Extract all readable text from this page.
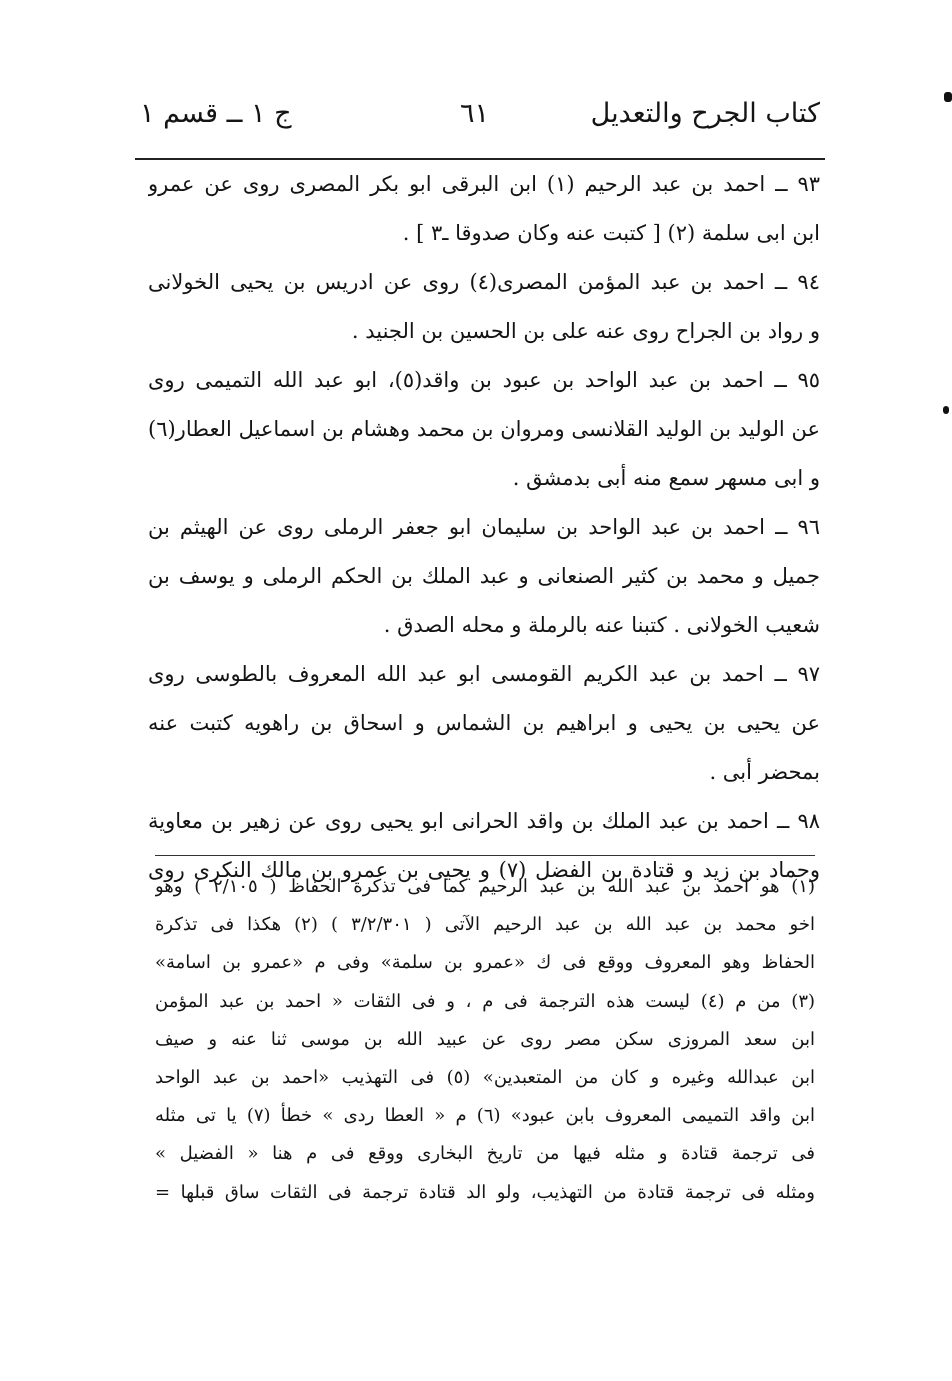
كتاب الجرح والتعديل
٦١
ج ١ ــ قسم ١
٩٣ ــ احمد بن عبد الرحيم (١) ابن البرقى ابو بكر المصرى روى عن عمرو
ابن ابى سلمة (٢) [ كتبت عنه وكان صدوقا ـ٣ ] .
٩٤ ــ احمد بن عبد المؤمن المصرى(٤) روى عن ادريس بن يحيى الخولانى
و رواد بن الجراح روى عنه على بن الحسين بن الجنيد .
٩٥ ــ احمد بن عبد الواحد بن عبود بن واقد(٥)، ابو عبد الله التميمى روى
عن الوليد بن الوليد القلانسى ومروان بن محمد وهشام بن اسماعيل العطار(٦)
و ابى مسهر سمع منه أبى بدمشق .
٩٦ ــ احمد بن عبد الواحد بن سليمان ابو جعفر الرملى روى عن الهيثم بن
جميل و محمد بن كثير الصنعانى و عبد الملك بن الحكم الرملى و يوسف بن
شعيب الخولانى . كتبنا عنه بالرملة و محله الصدق .
٩٧ ــ احمد بن عبد الكريم القومسى ابو عبد الله المعروف بالطوسى روى
عن يحيى بن يحيى و ابراهيم بن الشماس و اسحاق بن راهويه كتبت عنه
بمحضر أبى .
٩٨ ــ احمد بن عبد الملك بن واقد الحرانى ابو يحيى روى عن زهير بن معاوية
وحماد بن زيد و قتادة بن الفضل (٧) و يحيى بن عمرو بن مالك النكرى روى
(١) هو احمد بن عبد الله بن عبد الرحيم كما فى تذكرة الحفاظ ( ٢/١٠٥ ) وهو
اخو محمد بن عبد الله بن عبد الرحيم الآتى ( ٣/٢/٣٠١ ) (٢) هكذا فى تذكرة
الحفاظ وهو المعروف ووقع فى ك «عمرو بن سلمة» وفى م «عمرو بن اسامة»
(٣) من م (٤) ليست هذه الترجمة فى م ، و فى الثقات « احمد بن عبد المؤمن
ابن سعد المروزى سكن مصر روى عن عبيد الله بن موسى ثنا عنه و صيف
ابن عبدالله وغيره و كان من المتعبدين» (٥) فى التهذيب «احمد بن عبد الواحد
ابن واقد التميمى المعروف بابن عبود» (٦) م « العطا ردى » خطأ (٧) يا تى مثله
فى ترجمة قتادة و مثله فيها من تاريخ البخارى ووقع فى م هنا « الفضيل »
ومثله فى ترجمة قتادة من التهذيب، ولو الد قتادة ترجمة فى الثقات ساق قبلها =
